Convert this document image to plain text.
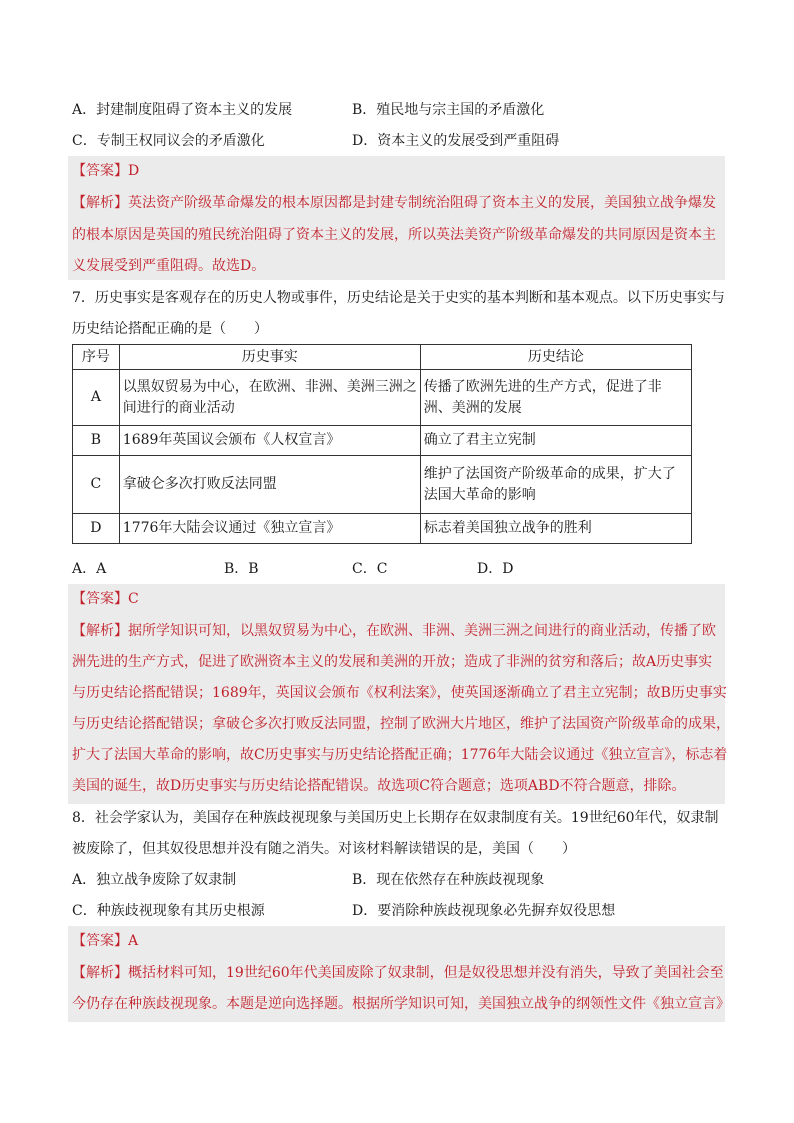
A．封建制度阻碍了资本主义的发展	B．殖民地与宗主国的矛盾激化
C．专制王权同议会的矛盾激化	D．资本主义的发展受到严重阻碍
【答案】D
【解析】英法资产阶级革命爆发的根本原因都是封建专制统治阻碍了资本主义的发展，美国独立战争爆发
的根本原因是英国的殖民统治阻碍了资本主义的发展，所以英法美资产阶级革命爆发的共同原因是资本主
义发展受到严重阻碍。故选D。
7．历史事实是客观存在的历史人物或事件，历史结论是关于史实的基本判断和基本观点。以下历史事实与
历史结论搭配正确的是（　　）
序号	历史事实	历史结论
A	以黑奴贸易为中心，在欧洲、非洲、美洲三洲之间进行的商业活动	传播了欧洲先进的生产方式，促进了非洲、美洲的发展
B	1689年英国议会颁布《人权宣言》	确立了君主立宪制
C	拿破仑多次打败反法同盟	维护了法国资产阶级革命的成果，扩大了法国大革命的影响
D	1776年大陆会议通过《独立宣言》	标志着美国独立战争的胜利
A．A	B．B	C．C	D．D
【答案】C
【解析】据所学知识可知，以黑奴贸易为中心，在欧洲、非洲、美洲三洲之间进行的商业活动，传播了欧
洲先进的生产方式，促进了欧洲资本主义的发展和美洲的开放；造成了非洲的贫穷和落后；故A历史事实
与历史结论搭配错误；1689年，英国议会颁布《权利法案》，使英国逐渐确立了君主立宪制；故B历史事实
与历史结论搭配错误；拿破仑多次打败反法同盟，控制了欧洲大片地区，维护了法国资产阶级革命的成果，
扩大了法国大革命的影响，故C历史事实与历史结论搭配正确；1776年大陆会议通过《独立宣言》，标志着
美国的诞生，故D历史事实与历史结论搭配错误。故选项C符合题意；选项ABD不符合题意，排除。
8．社会学家认为，美国存在种族歧视现象与美国历史上长期存在奴隶制度有关。19世纪60年代，奴隶制
被废除了，但其奴役思想并没有随之消失。对该材料解读错误的是，美国（　　）
A．独立战争废除了奴隶制	B．现在依然存在种族歧视现象
C．种族歧视现象有其历史根源	D．要消除种族歧视现象必先摒弃奴役思想
【答案】A
【解析】概括材料可知，19世纪60年代美国废除了奴隶制，但是奴役思想并没有消失，导致了美国社会至
今仍存在种族歧视现象。本题是逆向选择题。根据所学知识可知，美国独立战争的纲领性文件《独立宣言》
